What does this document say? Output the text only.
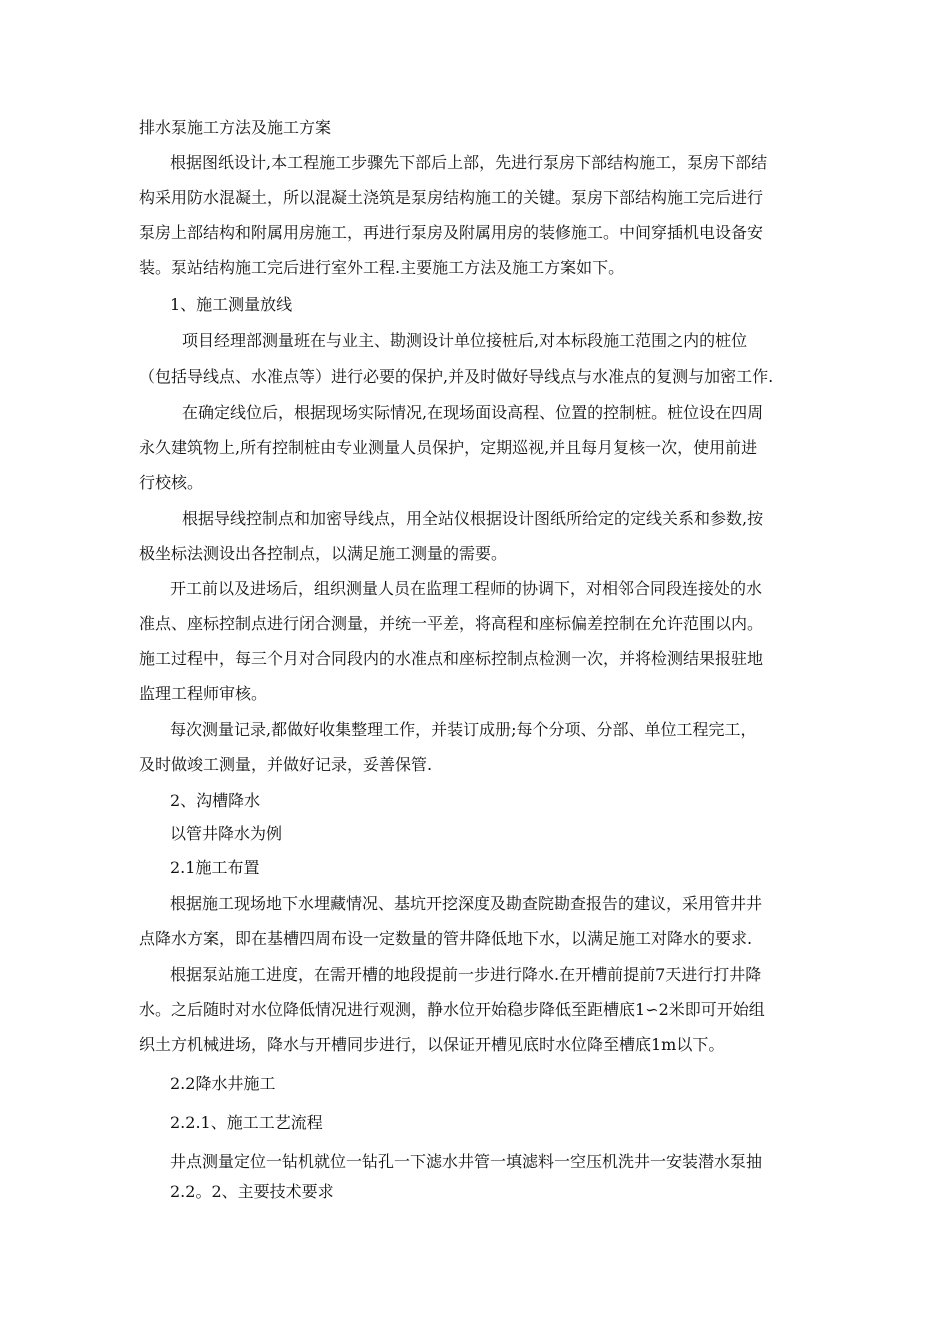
排水泵施工方法及施工方案

根据图纸设计,本工程施工步骤先下部后上部，先进行泵房下部结构施工，泵房下部结

构采用防水混凝土，所以混凝土浇筑是泵房结构施工的关键。泵房下部结构施工完后进行

泵房上部结构和附属用房施工，再进行泵房及附属用房的装修施工。中间穿插机电设备安

装。泵站结构施工完后进行室外工程.主要施工方法及施工方案如下。

1、施工测量放线

项目经理部测量班在与业主、勘测设计单位接桩后,对本标段施工范围之内的桩位

（包括导线点、水准点等）进行必要的保护,并及时做好导线点与水准点的复测与加密工作.

在确定线位后，根据现场实际情况,在现场面设高程、位置的控制桩。桩位设在四周

永久建筑物上,所有控制桩由专业测量人员保护，定期巡视,并且每月复核一次，使用前进

行校核。

根据导线控制点和加密导线点，用全站仪根据设计图纸所给定的定线关系和参数,按

极坐标法测设出各控制点，以满足施工测量的需要。

开工前以及进场后，组织测量人员在监理工程师的协调下，对相邻合同段连接处的水

准点、座标控制点进行闭合测量，并统一平差，将高程和座标偏差控制在允许范围以内。

施工过程中，每三个月对合同段内的水准点和座标控制点检测一次，并将检测结果报驻地

监理工程师审核。

每次测量记录,都做好收集整理工作，并装订成册;每个分项、分部、单位工程完工，

及时做竣工测量，并做好记录，妥善保管.

2、沟槽降水

以管井降水为例

2.1施工布置

根据施工现场地下水埋藏情况、基坑开挖深度及勘查院勘查报告的建议，采用管井井

点降水方案，即在基槽四周布设一定数量的管井降低地下水，以满足施工对降水的要求.

根据泵站施工进度，在需开槽的地段提前一步进行降水.在开槽前提前7天进行打井降

水。之后随时对水位降低情况进行观测，静水位开始稳步降低至距槽底1∽2米即可开始组

织土方机械进场，降水与开槽同步进行，以保证开槽见底时水位降至槽底1m以下。

2.2降水井施工

2.2.1、施工工艺流程

井点测量定位一钻机就位一钻孔一下滤水井管一填滤料一空压机洗井一安装潜水泵抽

2.2。2、主要技术要求
